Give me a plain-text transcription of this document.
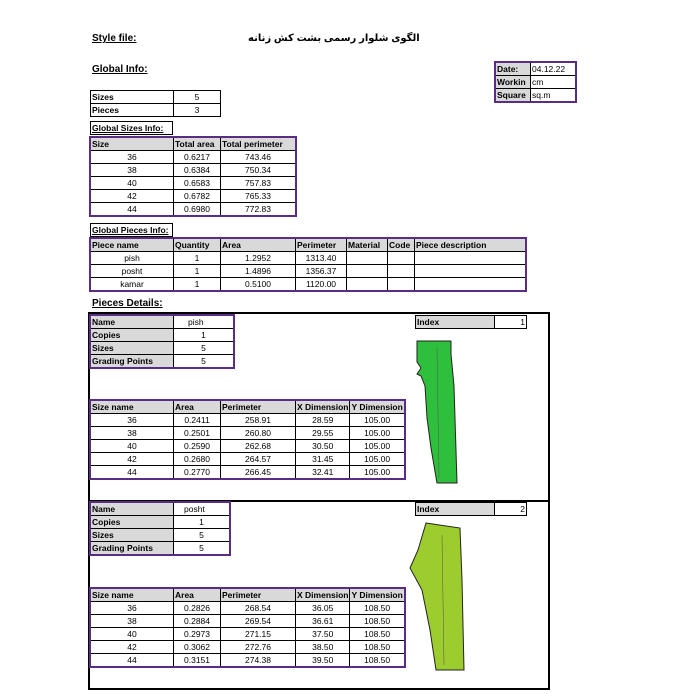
Style file:	الگوی شلوار رسمی بشت کش زنانه
Global Info:	Date:	04.12.22
Workin	cm
Square	sq.m
Sizes	5
Pieces	3
Global Sizes Info:
Size	Total area	Total perimeter
36	0.6217	743.46
38	0.6384	750.34
40	0.6583	757.83
42	0.6782	765.33
44	0.6980	772.83
Global Pieces Info:
Piece name	Quantity	Area	Perimeter	Material	Code	Piece description
pish	1	1.2952	1313.40			
posht	1	1.4896	1356.37			
kamar	1	0.5100	1120.00			
Pieces Details:
Name	pish
Copies	1
Sizes	5
Grading Points	5
Index	1
Size name	Area	Perimeter	X Dimension	Y Dimension
36	0.2411	258.91	28.59	105.00
38	0.2501	260.80	29.55	105.00
40	0.2590	262.68	30.50	105.00
42	0.2680	264.57	31.45	105.00
44	0.2770	266.45	32.41	105.00
Name	posht
Copies	1
Sizes	5
Grading Points	5
Index	2
Size name	Area	Perimeter	X Dimension	Y Dimension
36	0.2826	268.54	36.05	108.50
38	0.2884	269.54	36.61	108.50
40	0.2973	271.15	37.50	108.50
42	0.3062	272.76	38.50	108.50
44	0.3151	274.38	39.50	108.50
